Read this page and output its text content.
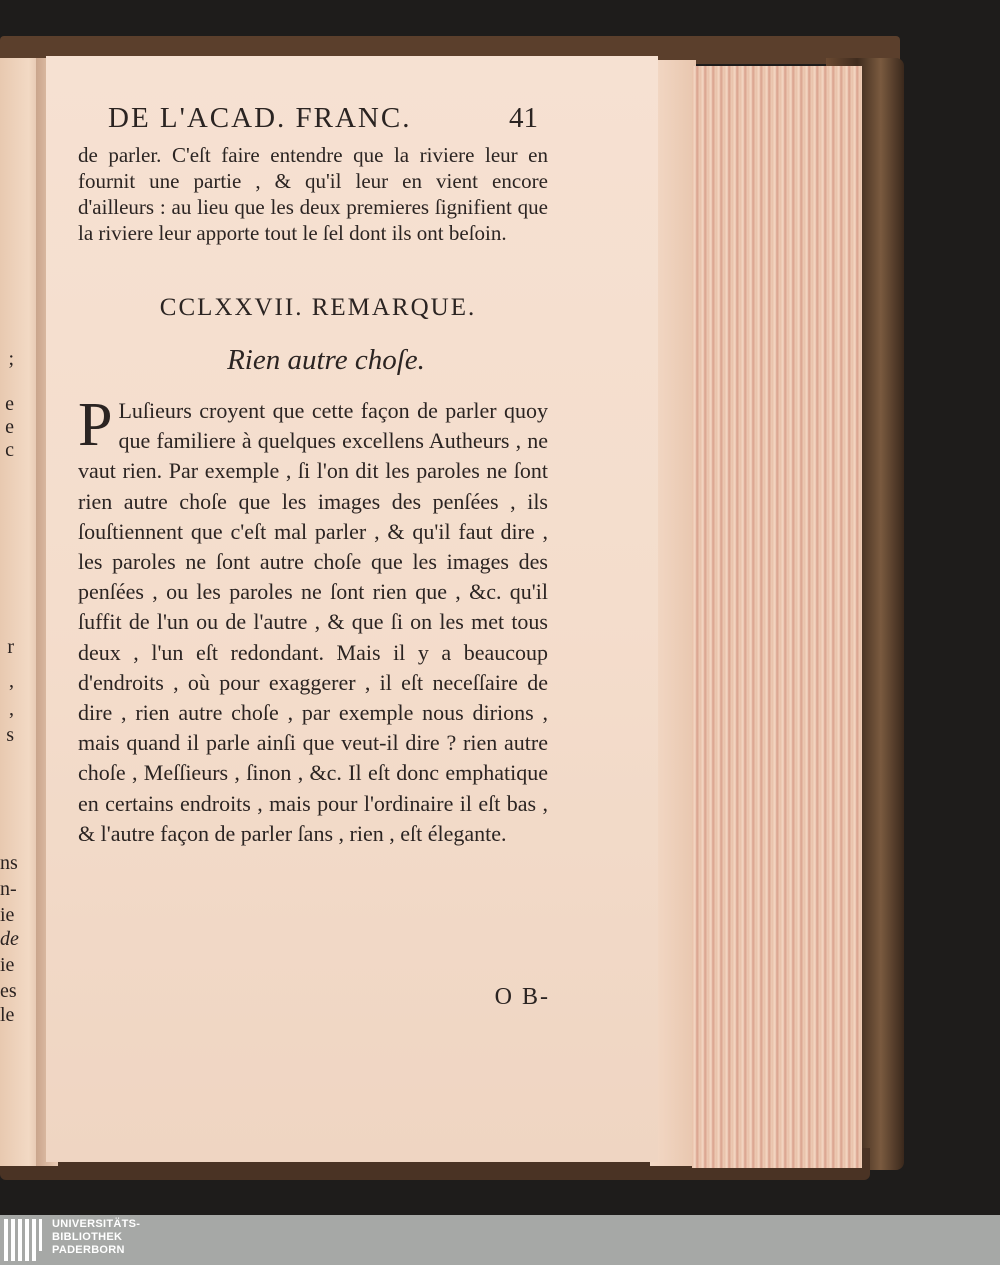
;
e
e
c
r
,
,
s
ns
n-
ie
de
ie
es
le
DE L'ACAD. FRANC.	41

de parler. C'eſt faire entendre que la riviere leur en fournit une partie , & qu'il leur en vient encore d'ailleurs : au lieu que les deux premieres ſignifient que la riviere leur apporte tout le ſel dont ils ont beſoin.

CCLXXVII. REMARQUE.
Rien autre choſe.
P Luſieurs croyent que cette façon de parler quoy que familiere à quelques excellens Autheurs , ne vaut rien. Par exemple , ſi l'on dit les paroles ne ſont rien autre choſe que les images des penſées , ils ſouſtiennent que c'eſt mal parler , & qu'il faut dire , les paroles ne ſont autre choſe que les images des penſées , ou les paroles ne ſont rien que , &c. qu'il ſuffit de l'un ou de l'autre , & que ſi on les met tous deux , l'un eſt redondant. Mais il y a beaucoup d'endroits , où pour exaggerer , il eſt neceſſaire de dire , rien autre choſe , par exemple nous dirions , mais quand il parle ainſi que veut-il dire ? rien autre choſe , Meſſieurs , ſinon , &c. Il eſt donc emphatique en certains endroits , mais pour l'ordinaire il eſt bas , & l'autre façon de parler ſans , rien , eſt élegante.
O B-
UNIVERSITÄTS-
BIBLIOTHEK
PADERBORN
